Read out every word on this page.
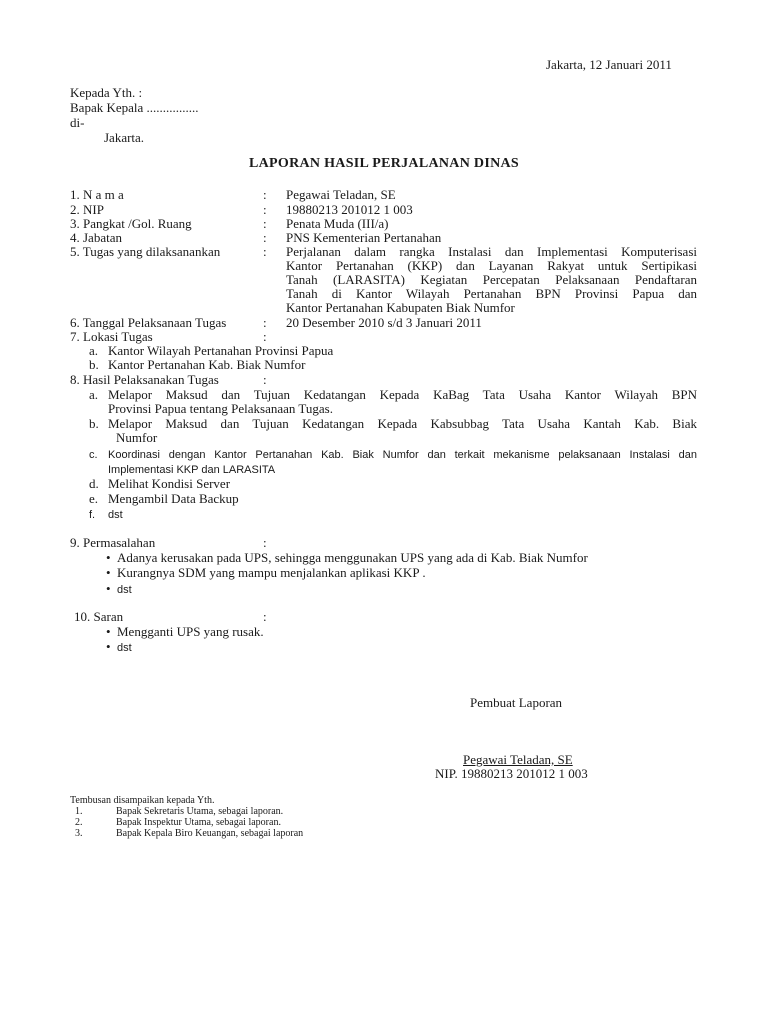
Jakarta, 12 Januari 2011
Kepada Yth. :
Bapak Kepala ................
di-
Jakarta.
LAPORAN HASIL PERJALANAN DINAS
1. N a m a	: Pegawai Teladan, SE
2. NIP	: 19880213 201012 1 003
3. Pangkat /Gol. Ruang	: Penata Muda (III/a)
4. Jabatan	: PNS Kementerian Pertanahan
5. Tugas yang dilaksanankan	: Perjalanan dalam rangka Instalasi dan Implementasi Komputerisasi
Kantor Pertanahan (KKP) dan Layanan Rakyat untuk Sertipikasi
Tanah (LARASITA) Kegiatan Percepatan Pelaksanaan Pendaftaran
Tanah di Kantor Wilayah Pertanahan BPN Provinsi Papua dan
Kantor Pertanahan Kabupaten Biak Numfor
6. Tanggal Pelaksanaan Tugas	: 20 Desember 2010 s/d 3 Januari 2011
7. Lokasi Tugas	:
a. Kantor Wilayah Pertanahan Provinsi Papua
b. Kantor Pertanahan Kab. Biak Numfor
8. Hasil Pelaksanakan Tugas	:
a. Melapor Maksud dan Tujuan Kedatangan Kepada KaBag Tata Usaha Kantor Wilayah BPN
Provinsi Papua tentang Pelaksanaan Tugas.
b. Melapor Maksud dan Tujuan Kedatangan Kepada Kabsubbag Tata Usaha Kantah Kab. Biak
Numfor
c. Koordinasi dengan Kantor Pertanahan Kab. Biak Numfor dan terkait mekanisme pelaksanaan Instalasi dan
Implementasi KKP dan LARASITA
d. Melihat Kondisi Server
e. Mengambil Data Backup
f. dst
9. Permasalahan	:
• Adanya kerusakan pada UPS, sehingga menggunakan UPS yang ada di Kab. Biak Numfor
• Kurangnya SDM yang mampu menjalankan aplikasi KKP .
• dst
10. Saran	:
• Mengganti UPS yang rusak.
• dst
Pembuat Laporan
Pegawai Teladan, SE
NIP. 19880213 201012 1 003
Tembusan disampaikan kepada Yth.
1.	Bapak Sekretaris Utama, sebagai laporan.
2.	Bapak Inspektur Utama, sebagai laporan.
3.	Bapak Kepala Biro Keuangan, sebagai laporan
